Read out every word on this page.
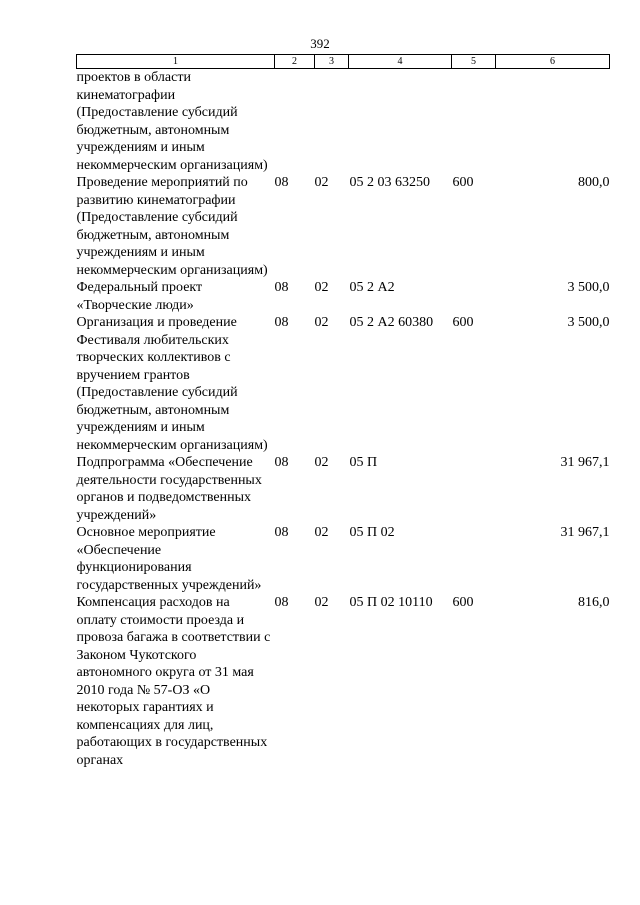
392
1	2	3	4	5	6
проектов в области кинематографии (Предоставление субсидий бюджетным, автономным учреждениям и иным некоммерческим организациям)					
Проведение мероприятий по развитию кинематографии (Предоставление субсидий бюджетным, автономным учреждениям и иным некоммерческим организациям)	08	02	05 2 03 63250	600	800,0
Федеральный проект «Творческие люди»	08	02	05 2 А2		3 500,0
Организация и проведение Фестиваля любительских творческих коллективов с вручением грантов (Предоставление субсидий бюджетным, автономным учреждениям и иным некоммерческим организациям)	08	02	05 2 А2 60380	600	3 500,0
Подпрограмма «Обеспечение деятельности государственных органов и подведомственных учреждений»	08	02	05 П		31 967,1
Основное мероприятие «Обеспечение функционирования государственных учреждений»	08	02	05 П 02		31 967,1
Компенсация расходов на оплату стоимости проезда и провоза багажа в соответствии с Законом Чукотского автономного округа от 31 мая 2010 года № 57-ОЗ «О некоторых гарантиях и компенсациях для лиц, работающих в государственных органах	08	02	05 П 02 10110	600	816,0
